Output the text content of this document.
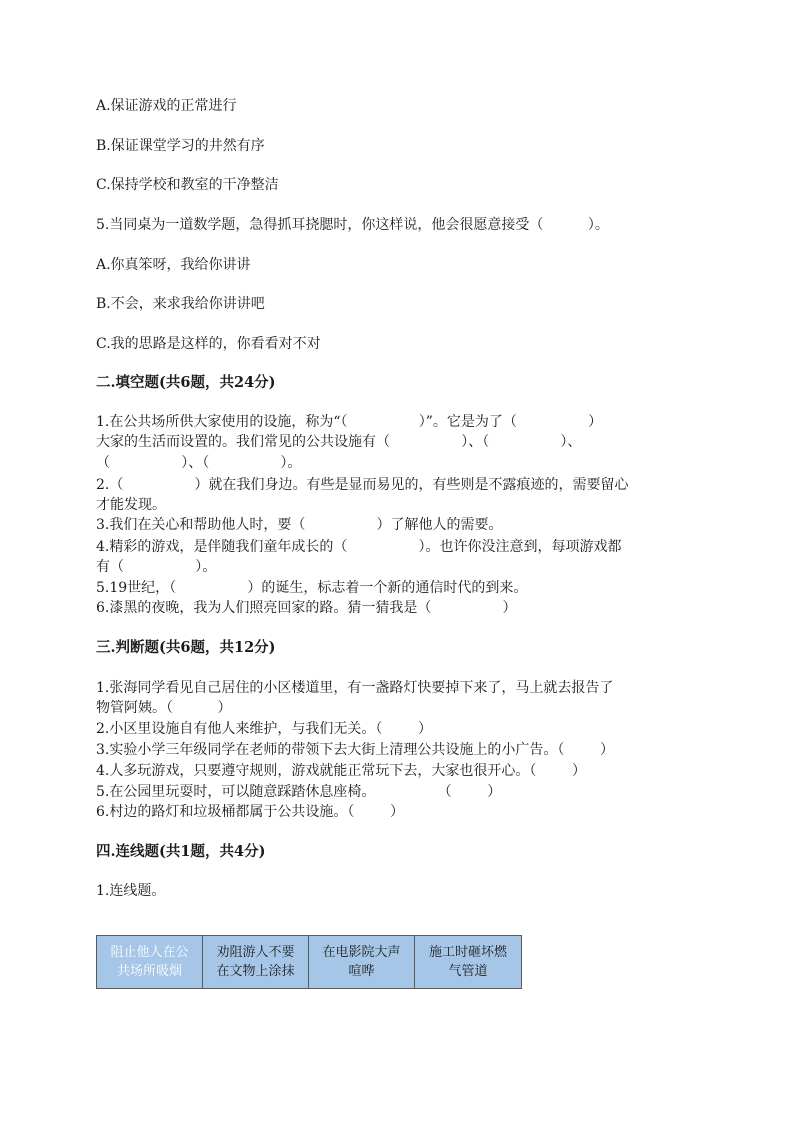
A.保证游戏的正常进行
B.保证课堂学习的井然有序
C.保持学校和教室的干净整洁
5.当同桌为一道数学题，急得抓耳挠腮时，你这样说，他会很愿意接受（          ）。
A.你真笨呀，我给你讲讲
B.不会，来求我给你讲讲吧
C.我的思路是这样的，你看看对不对
二.填空题(共6题，共24分)
1.在公共场所供大家使用的设施，称为“（                ）”。它是为了（                ）
大家的生活而设置的。我们常见的公共设施有（                ）、（                ）、
（                ）、（                ）。
2.（                ）就在我们身边。有些是显而易见的，有些则是不露痕迹的，需要留心
才能发现。
3.我们在关心和帮助他人时，要（                ）了解他人的需要。
4.精彩的游戏，是伴随我们童年成长的（                ）。也许你没注意到，每项游戏都
有（                ）。
5.19世纪，（                ）的诞生，标志着一个新的通信时代的到来。
6.漆黑的夜晚，我为人们照亮回家的路。猜一猜我是（                ）
三.判断题(共6题，共12分)
1.张海同学看见自己居住的小区楼道里，有一盏路灯快要掉下来了，马上就去报告了
物管阿姨。（          ）
2.小区里设施自有他人来维护，与我们无关。（        ）
3.实验小学三年级同学在老师的带领下去大街上清理公共设施上的小广告。（        ）
4.人多玩游戏，只要遵守规则，游戏就能正常玩下去，大家也很开心。（        ）
5.在公园里玩耍时，可以随意踩踏休息座椅。              （        ）
6.村边的路灯和垃圾桶都属于公共设施。（        ）
四.连线题(共1题，共4分)
1.连线题。
阻止他人在公共场所吸烟
劝阻游人不要在文物上涂抹
在电影院大声喧哗
施工时砸坏燃气管道
